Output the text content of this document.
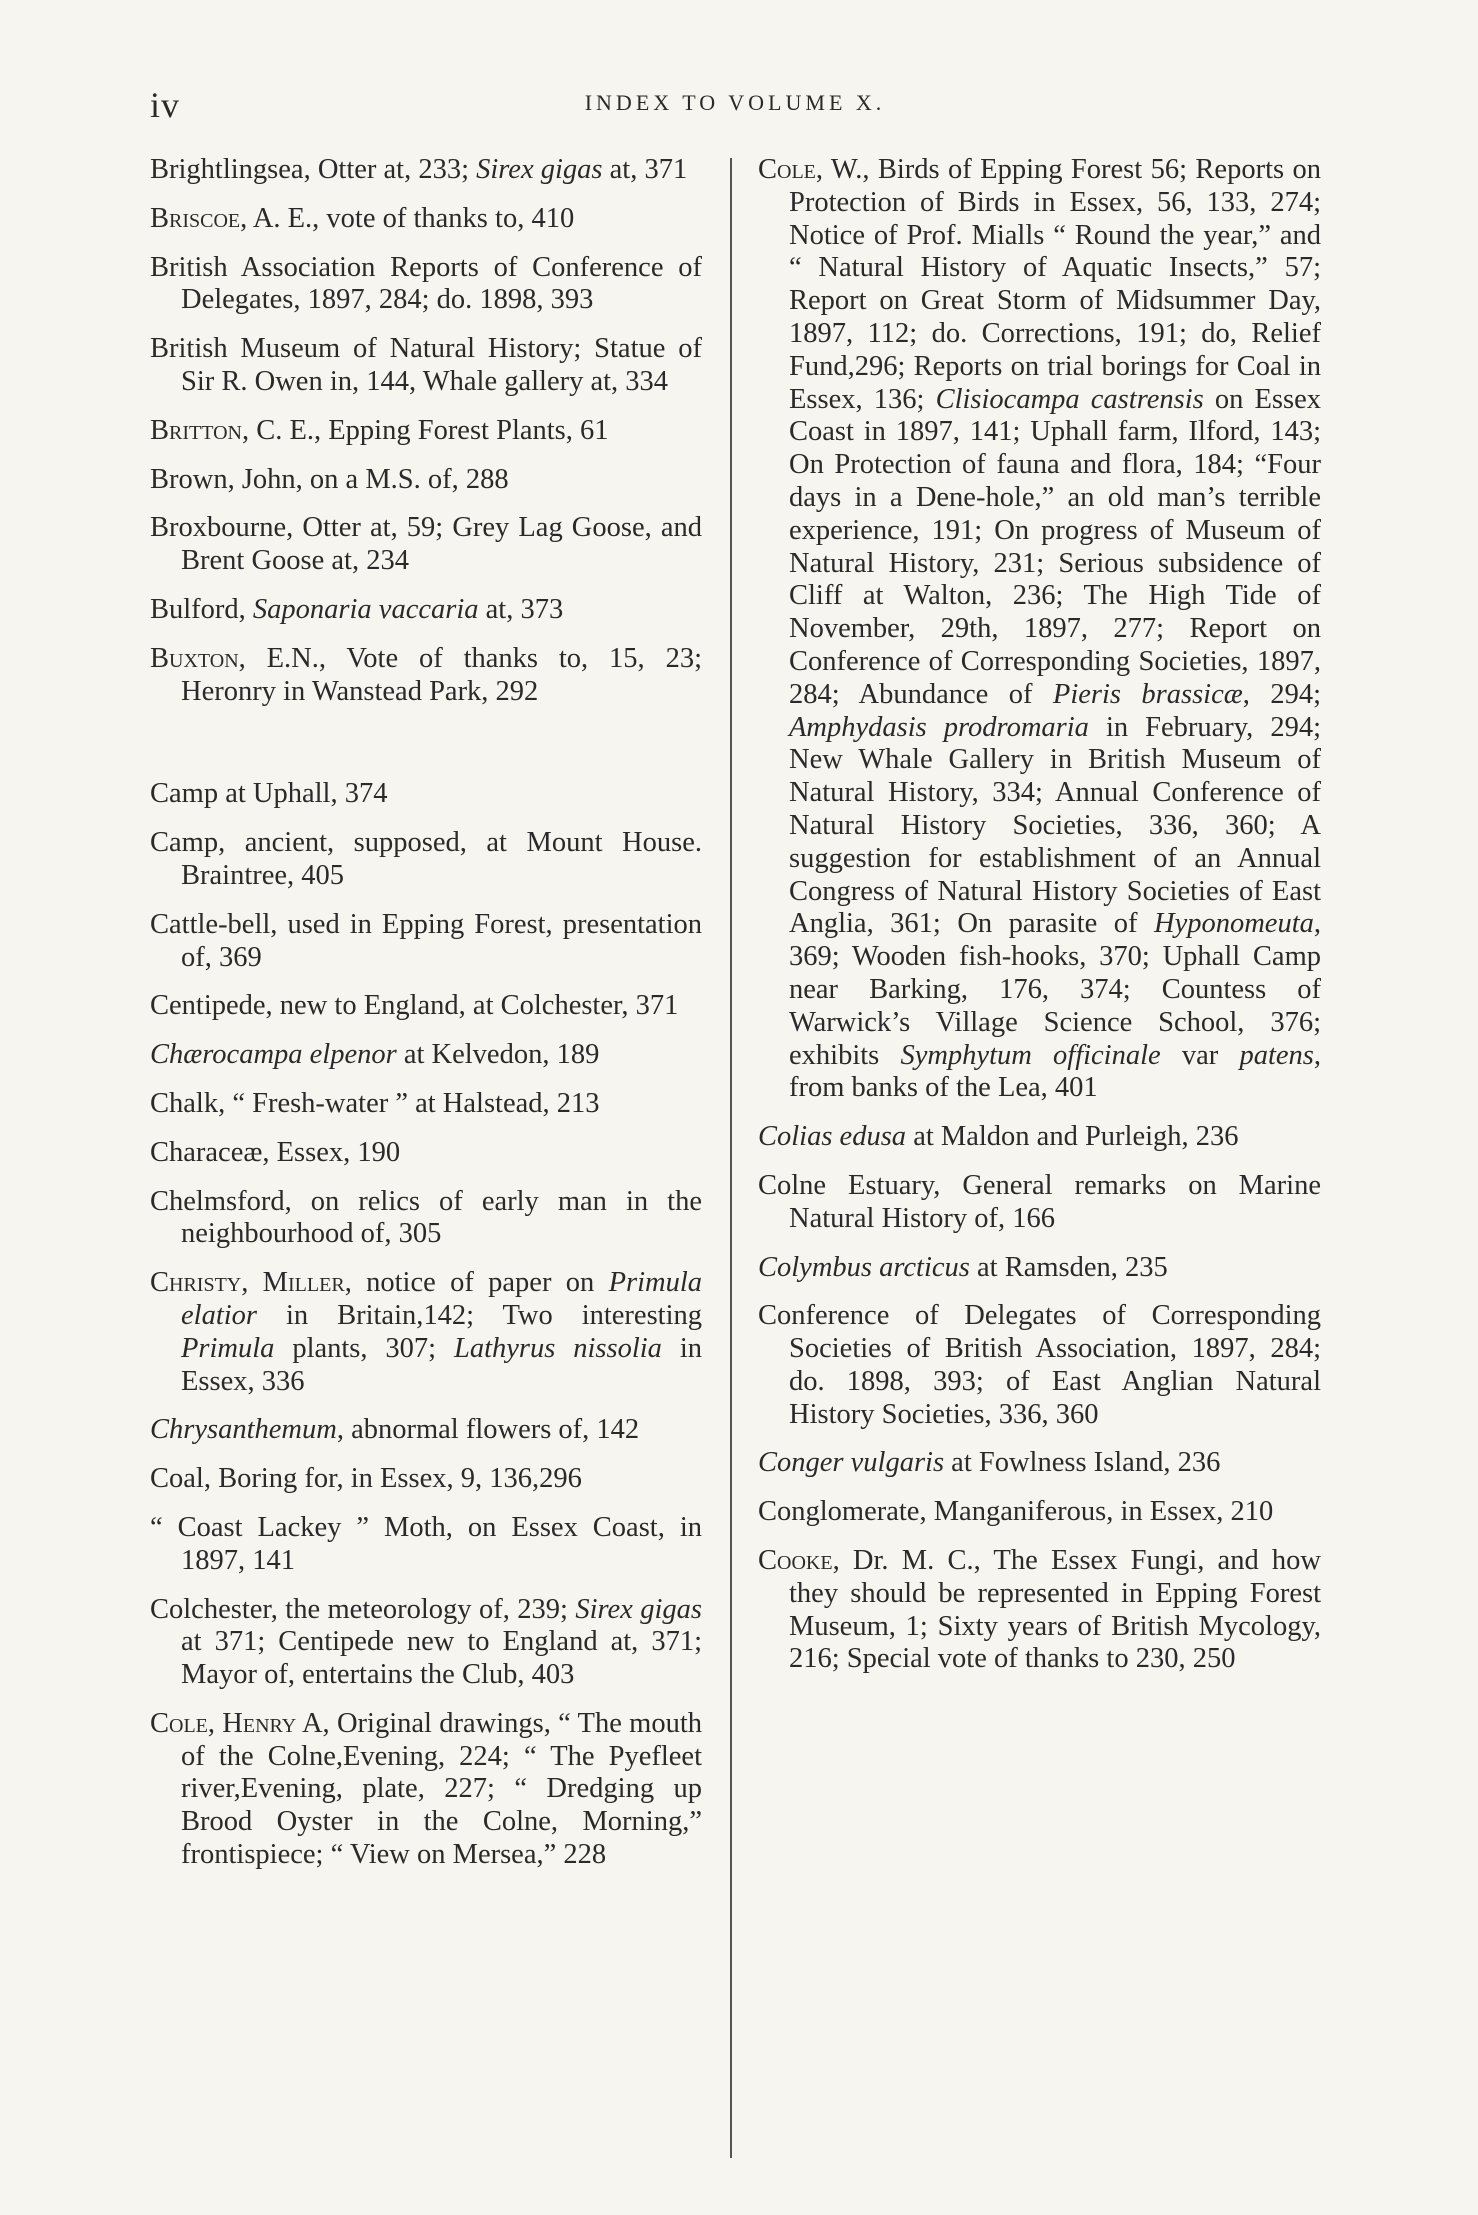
iv	INDEX TO VOLUME X.

Brightlingsea, Otter at, 233; Sirex gigas at, 371

Briscoe, A. E., vote of thanks to, 410

British Association Reports of Conference of Delegates, 1897, 284; do. 1898, 393

British Museum of Natural History; Statue of Sir R. Owen in, 144, Whale gallery at, 334

Britton, C. E., Epping Forest Plants, 61

Brown, John, on a M.S. of, 288

Broxbourne, Otter at, 59; Grey Lag Goose, and Brent Goose at, 234

Bulford, Saponaria vaccaria at, 373

Buxton, E.N., Vote of thanks to, 15, 23; Heronry in Wanstead Park, 292

Camp at Uphall, 374

Camp, ancient, supposed, at Mount House. Braintree, 405

Cattle-bell, used in Epping Forest, presentation of, 369

Centipede, new to England, at Colchester, 371

Chærocampa elpenor at Kelvedon, 189

Chalk, “ Fresh-water ” at Halstead, 213

Characeæ, Essex, 190

Chelmsford, on relics of early man in the neighbourhood of, 305

Christy, Miller, notice of paper on Primula elatior in Britain,142; Two interesting Primula plants, 307; Lathyrus nissolia in Essex, 336

Chrysanthemum, abnormal flowers of, 142

Coal, Boring for, in Essex, 9, 136,296

“ Coast Lackey ” Moth, on Essex Coast, in 1897, 141

Colchester, the meteorology of, 239; Sirex gigas at 371; Centipede new to England at, 371; Mayor of, entertains the Club, 403

Cole, Henry A, Original drawings, “ The mouth of the Colne,Evening, 224; “ The Pyefleet river,Evening, plate, 227; “ Dredging up Brood Oyster in the Colne, Morning,” frontispiece; “ View on Mersea,” 228

Cole, W., Birds of Epping Forest 56; Reports on Protection of Birds in Essex, 56, 133, 274; Notice of Prof. Mialls “ Round the year,” and “ Natural History of Aquatic Insects,” 57; Report on Great Storm of Midsummer Day, 1897, 112; do. Corrections, 191; do, Relief Fund,296; Reports on trial borings for Coal in Essex, 136; Clisiocampa castrensis on Essex Coast in 1897, 141; Uphall farm, Ilford, 143; On Protection of fauna and flora, 184; “Four days in a Dene-hole,” an old man’s terrible experience, 191; On progress of Museum of Natural History, 231; Serious subsidence of Cliff at Walton, 236; The High Tide of November, 29th, 1897, 277; Report on Conference of Corresponding Societies, 1897, 284; Abundance of Pieris brassicæ, 294; Amphydasis prodromaria in February, 294; New Whale Gallery in British Museum of Natural History, 334; Annual Conference of Natural History Societies, 336, 360; A suggestion for establishment of an Annual Congress of Natural History Societies of East Anglia, 361; On parasite of Hyponomeuta, 369; Wooden fish-hooks, 370; Uphall Camp near Barking, 176, 374; Countess of Warwick’s Village Science School, 376; exhibits Symphytum officinale var patens, from banks of the Lea, 401

Colias edusa at Maldon and Purleigh, 236

Colne Estuary, General remarks on Marine Natural History of, 166

Colymbus arcticus at Ramsden, 235

Conference of Delegates of Corresponding Societies of British Association, 1897, 284; do. 1898, 393; of East Anglian Natural History Societies, 336, 360

Conger vulgaris at Fowlness Island, 236

Conglomerate, Manganiferous, in Essex, 210

Cooke, Dr. M. C., The Essex Fungi, and how they should be represented in Epping Forest Museum, 1; Sixty years of British Mycology, 216; Special vote of thanks to 230, 250
